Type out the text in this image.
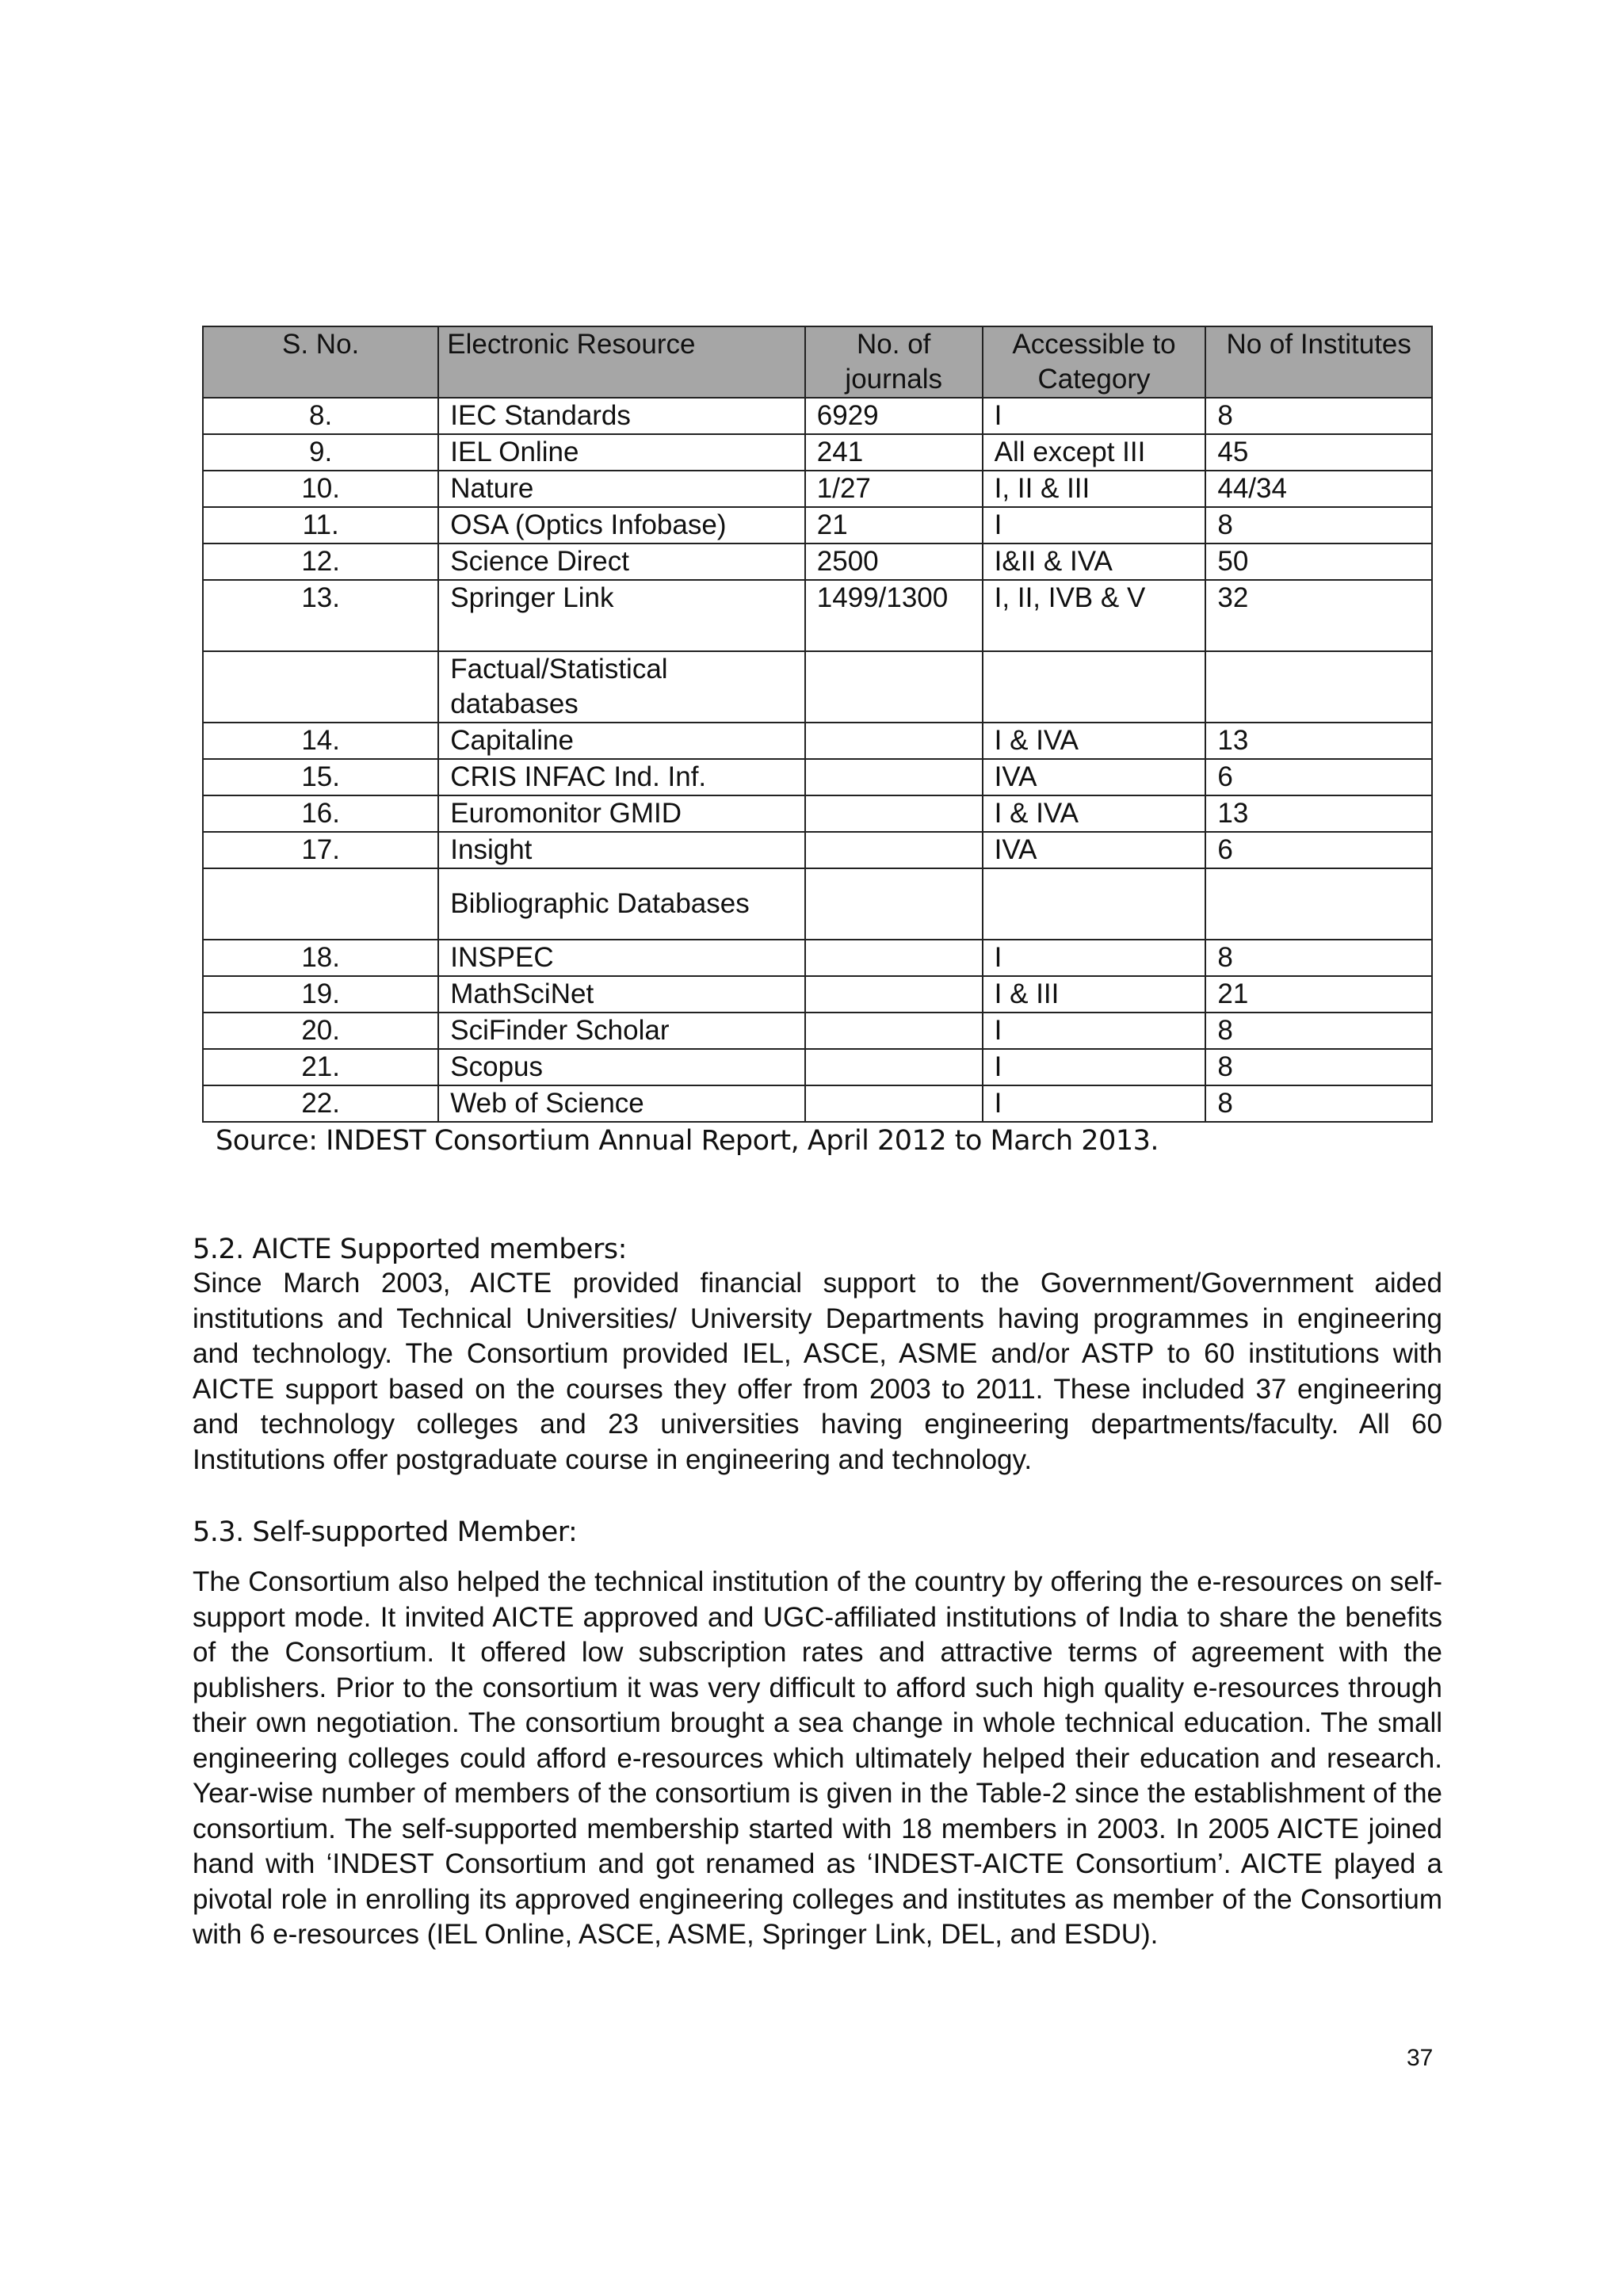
S. No.	Electronic Resource	No. of journals	Accessible to Category	No of Institutes
8.	IEC Standards	6929	I	8
9.	IEL Online	241	All except III	45
10.	Nature	1/27	I, II & III	44/34
11.	OSA (Optics Infobase)	21	I	8
12.	Science Direct	2500	I&II & IVA	50
13.	Springer Link	1499/1300	I, II, IVB & V	32
	Factual/Statistical databases			
14.	Capitaline		I & IVA	13
15.	CRIS INFAC Ind. Inf.		IVA	6
16.	Euromonitor GMID		I & IVA	13
17.	Insight		IVA	6
	Bibliographic Databases			
18.	INSPEC		I	8
19.	MathSciNet		I & III	21
20.	SciFinder Scholar		I	8
21.	Scopus		I	8
22.	Web of Science		I	8
Source: INDEST Consortium Annual Report, April 2012 to March 2013.
5.2. AICTE Supported members:

Since March 2003, AICTE provided financial support to the Government/Government aided institutions and Technical Universities/ University Departments having programmes in engineering and technology. The Consortium provided IEL, ASCE, ASME and/or ASTP to 60 institutions with AICTE support based on the courses they offer from 2003 to 2011. These included 37 engineering and technology colleges and 23 universities having engineering departments/faculty. All 60 Institutions offer postgraduate course in engineering and technology.

5.3. Self-supported Member:

The Consortium also helped the technical institution of the country by offering the e-resources on self-support mode. It invited AICTE approved and UGC-affiliated institutions of India to share the benefits of the Consortium. It offered low subscription rates and attractive terms of agreement with the publishers. Prior to the consortium it was very difficult to afford such high quality e-resources through their own negotiation. The consortium brought a sea change in whole technical education. The small engineering colleges could afford e-resources which ultimately helped their education and research. Year-wise number of members of the consortium is given in the Table-2 since the establishment of the consortium. The self-supported membership started with 18 members in 2003. In 2005 AICTE joined hand with ‘INDEST Consortium and got renamed as ‘INDEST-AICTE Consortium’. AICTE played a pivotal role in enrolling its approved engineering colleges and institutes as member of the Consortium with 6 e-resources (IEL Online, ASCE, ASME, Springer Link, DEL, and ESDU).

37
